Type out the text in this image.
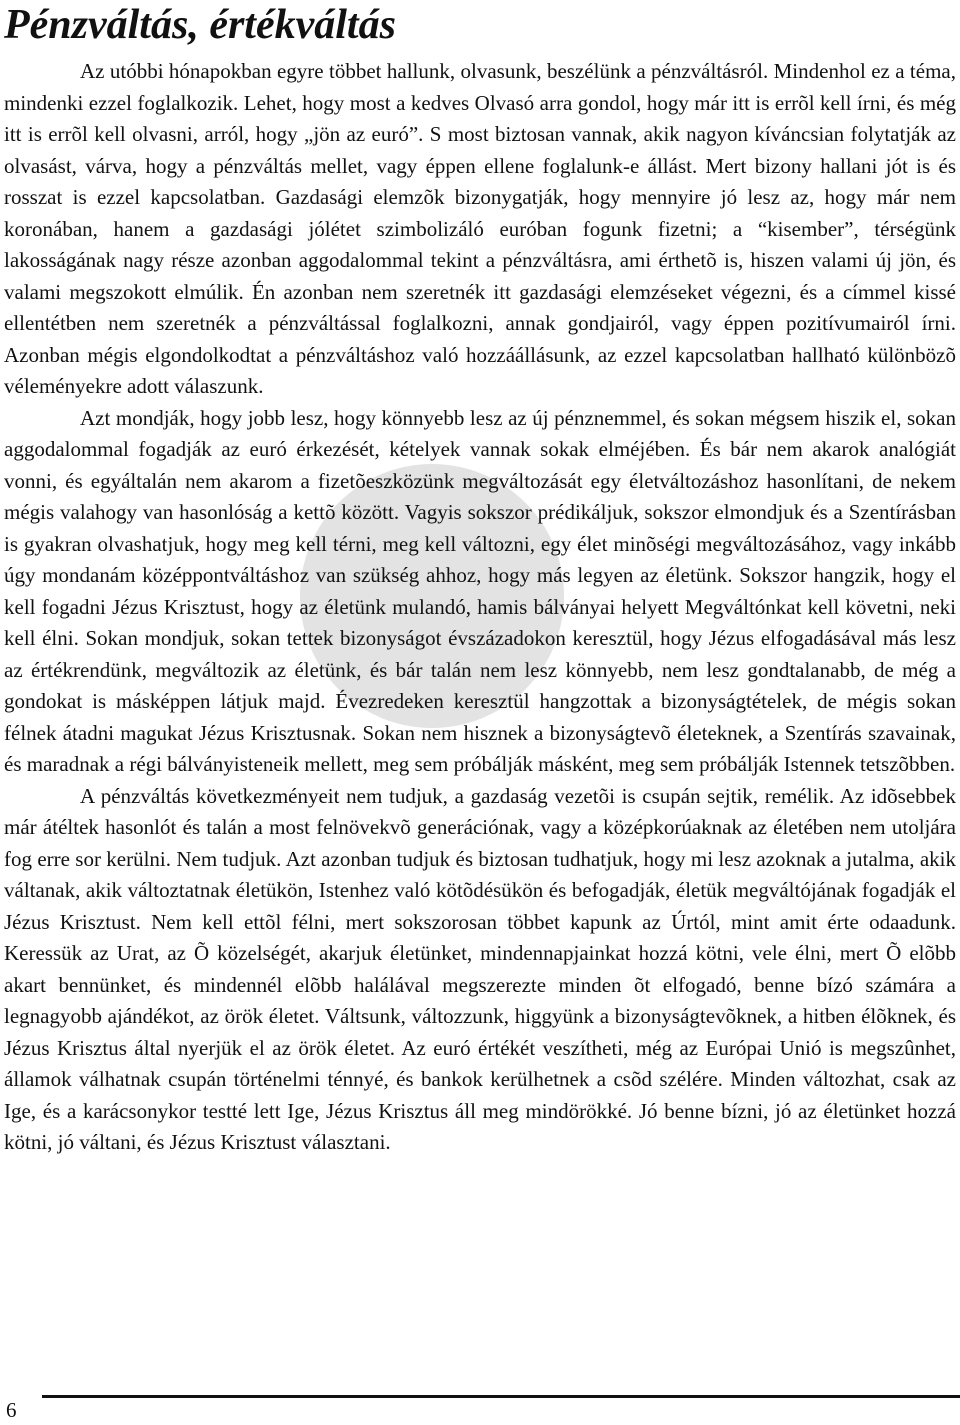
Pénzváltás, értékváltás

Az utóbbi hónapokban egyre többet hallunk, olvasunk, beszélünk a pénzváltásról. Mindenhol ez a téma, mindenki ezzel foglalkozik. Lehet, hogy most a kedves Olvasó arra gondol, hogy már itt is errõl kell írni, és még itt is errõl kell olvasni, arról, hogy „jön az euró”. S most biztosan vannak, akik nagyon kíváncsian folytatják az olvasást, várva, hogy a pénzváltás mellet, vagy éppen ellene foglalunk-e állást. Mert bizony hallani jót is és rosszat is ezzel kapcsolatban. Gazdasági elemzõk bizonygatják, hogy mennyire jó lesz az, hogy már nem koronában, hanem a gazdasági jólétet szimbolizáló euróban fogunk fizetni; a “kisember”, térségünk lakosságának nagy része azonban aggodalommal tekint a pénzváltásra, ami érthetõ is, hiszen valami új jön, és valami megszokott elmúlik. Én azonban nem szeretnék itt gazdasági elemzéseket végezni, és a címmel kissé ellentétben nem szeretnék a pénzváltással foglalkozni, annak gondjairól, vagy éppen pozitívumairól írni. Azonban mégis elgondolkodtat a pénzváltáshoz való hozzáállásunk, az ezzel kapcsolatban hallható különbözõ véleményekre adott válaszunk.

Azt mondják, hogy jobb lesz, hogy könnyebb lesz az új pénznemmel, és sokan mégsem hiszik el, sokan aggodalommal fogadják az euró érkezését, kételyek vannak sokak elméjében. És bár nem akarok analógiát vonni, és egyáltalán nem akarom a fizetõeszközünk megváltozását egy életváltozáshoz hasonlítani, de nekem mégis valahogy van hasonlóság a kettõ között. Vagyis sokszor prédikáljuk, sokszor elmondjuk és a Szentírásban is gyakran olvashatjuk, hogy meg kell térni, meg kell változni, egy élet minõségi megváltozásához, vagy inkább úgy mondanám középpontváltáshoz van szükség ahhoz, hogy más legyen az életünk. Sokszor hangzik, hogy el kell fogadni Jézus Krisztust, hogy az életünk mulandó, hamis bálványai helyett Megváltónkat kell követni, neki kell élni. Sokan mondjuk, sokan tettek bizonyságot évszázadokon keresztül, hogy Jézus elfogadásával más lesz az értékrendünk, megváltozik az életünk, és bár talán nem lesz könnyebb, nem lesz gondtalanabb, de még a gondokat is másképpen látjuk majd. Évezredeken keresztül hangzottak a bizonyságtételek, de mégis sokan félnek átadni magukat Jézus Krisztusnak. Sokan nem hisznek a bizonyságtevõ életeknek, a Szentírás szavainak, és maradnak a régi bálványisteneik mellett, meg sem próbálják másként, meg sem próbálják Istennek tetszõbben.

A pénzváltás következményeit nem tudjuk, a gazdaság vezetõi is csupán sejtik, remélik. Az idõsebbek már átéltek hasonlót és talán a most felnövekvõ generációnak, vagy a középkorúaknak az életében nem utoljára fog erre sor kerülni. Nem tudjuk. Azt azonban tudjuk és biztosan tudhatjuk, hogy mi lesz azoknak a jutalma, akik váltanak, akik változtatnak életükön, Istenhez való kötõdésükön és befogadják, életük megváltójának fogadják el Jézus Krisztust. Nem kell ettõl félni, mert sokszorosan többet kapunk az Úrtól, mint amit érte odaadunk. Keressük az Urat, az Õ közelségét, akarjuk életünket, mindennapjainkat hozzá kötni, vele élni, mert Õ elõbb akart bennünket, és mindennél elõbb halálával megszerezte minden õt elfogadó, benne bízó számára a legnagyobb ajándékot, az örök életet. Váltsunk, változzunk, higgyünk a bizonyságtevõknek, a hitben élõknek, és Jézus Krisztus által nyerjük el az örök életet. Az euró értékét veszítheti, még az Európai Unió is megszûnhet, államok válhatnak csupán történelmi ténnyé, és bankok kerülhetnek a csõd szélére. Minden változhat, csak az Ige, és a karácsonykor testté lett Ige, Jézus Krisztus áll meg mindörökké. Jó benne bízni, jó az életünket hozzá kötni, jó váltani, és Jézus Krisztust választani.

6
